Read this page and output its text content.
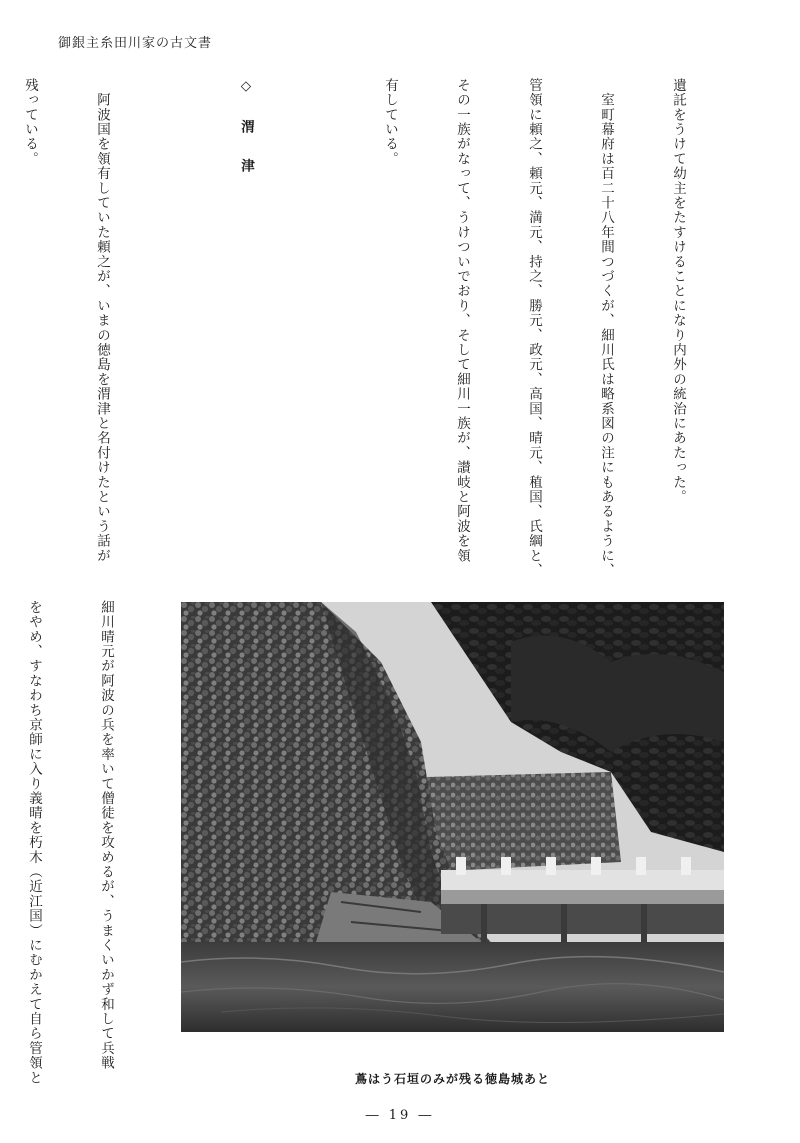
御銀主糸田川家の古文書

遺託をうけて幼主をたすけることになり内外の統治にあたった。

　室町幕府は百二十八年間つづくが、細川氏は略系図の注にもあるように、

管領に頼之、頼元、満元、持之、勝元、政元、高国、晴元、稙国、氏綱と、

その一族がなって、うけついでおり、そして細川一族が、讃岐と阿波を領

有している。

◇　渭　津

　阿波国を領有していた頼之が、いまの徳島を渭津と名付けたという話が

残っている。

細川晴元が阿波の兵を率いて僧徒を攻めるが、うまくいかず和して兵戦

をやめ、すなわち京師に入り義晴を朽木（近江国）にむかえて自ら管領と

	蔦はう石垣のみが残る徳島城あと
― 19 ―
